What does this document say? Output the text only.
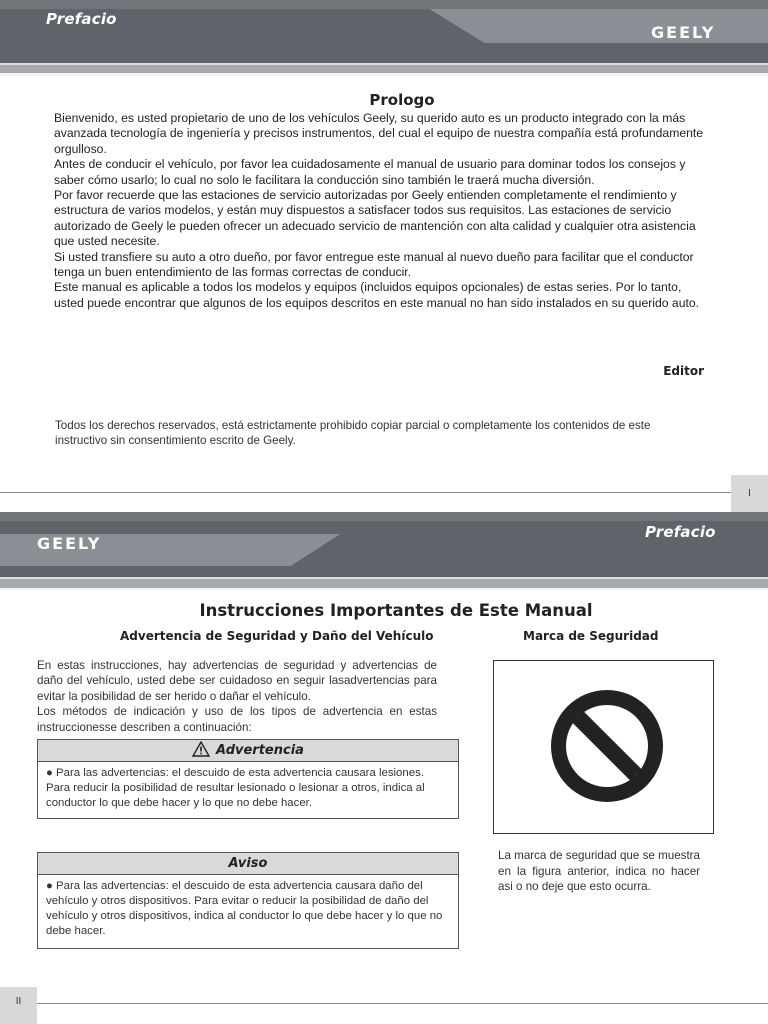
Prefacio
GEELY
Prologo

Bienvenido, es usted propietario de uno de los vehículos Geely, su querido auto es un producto integrado con la más avanzada tecnología de ingeniería y precisos instrumentos, del cual el equipo de nuestra compañía está profundamente orgulloso.

Antes de conducir el vehículo, por favor lea cuidadosamente el manual de usuario para dominar todos los consejos y saber cómo usarlo; lo cual no solo le facilitara la conducción sino también le traerá mucha diversión.

Por favor recuerde que las estaciones de servicio autorizadas por Geely entienden completamente el rendimiento y estructura de varios modelos, y están muy dispuestos a satisfacer todos sus requisitos. Las estaciones de servicio autorizado de Geely le pueden ofrecer un adecuado servicio de mantención con alta calidad y cualquier otra asistencia que usted necesite.

Si usted transfiere su auto a otro dueño, por favor entregue este manual al nuevo dueño para facilitar que el conductor tenga un buen entendimiento de las formas correctas de conducir.

Este manual es aplicable a todos los modelos y equipos (incluidos equipos opcionales) de estas series. Por lo tanto, usted puede encontrar que algunos de los equipos descritos en este manual no han sido instalados en su querido auto.

Editor
Todos los derechos reservados, está estrictamente prohibido copiar parcial o completamente los contenidos de este instructivo sin consentimiento escrito de Geely.
I
GEELY
Prefacio
Instrucciones Importantes de Este Manual
Advertencia de Seguridad y Daño del Vehículo	Marca de Seguridad

En estas instrucciones, hay advertencias de seguridad y advertencias de daño del vehículo, usted debe ser cuidadoso en seguir lasadvertencias para evitar la posibilidad de ser herido o dañar el vehículo.

Los métodos de indicación y uso de los tipos de advertencia en estas instruccionesse describen a continuación:

Advertencia
● Para las advertencias: el descuido de esta advertencia causara lesiones. Para reducir la posibilidad de resultar lesionado o lesionar a otros, indica al conductor lo que debe hacer y lo que no debe hacer.
Aviso
● Para las advertencias: el descuido de esta advertencia causara daño del vehículo y otros dispositivos. Para evitar o reducir la posibilidad de daño del vehículo y otros dispositivos, indica al conductor lo que debe hacer y lo que no debe hacer.
La marca de seguridad que se muestra en la figura anterior, indica no hacer asi o no deje que esto ocurra.
II
